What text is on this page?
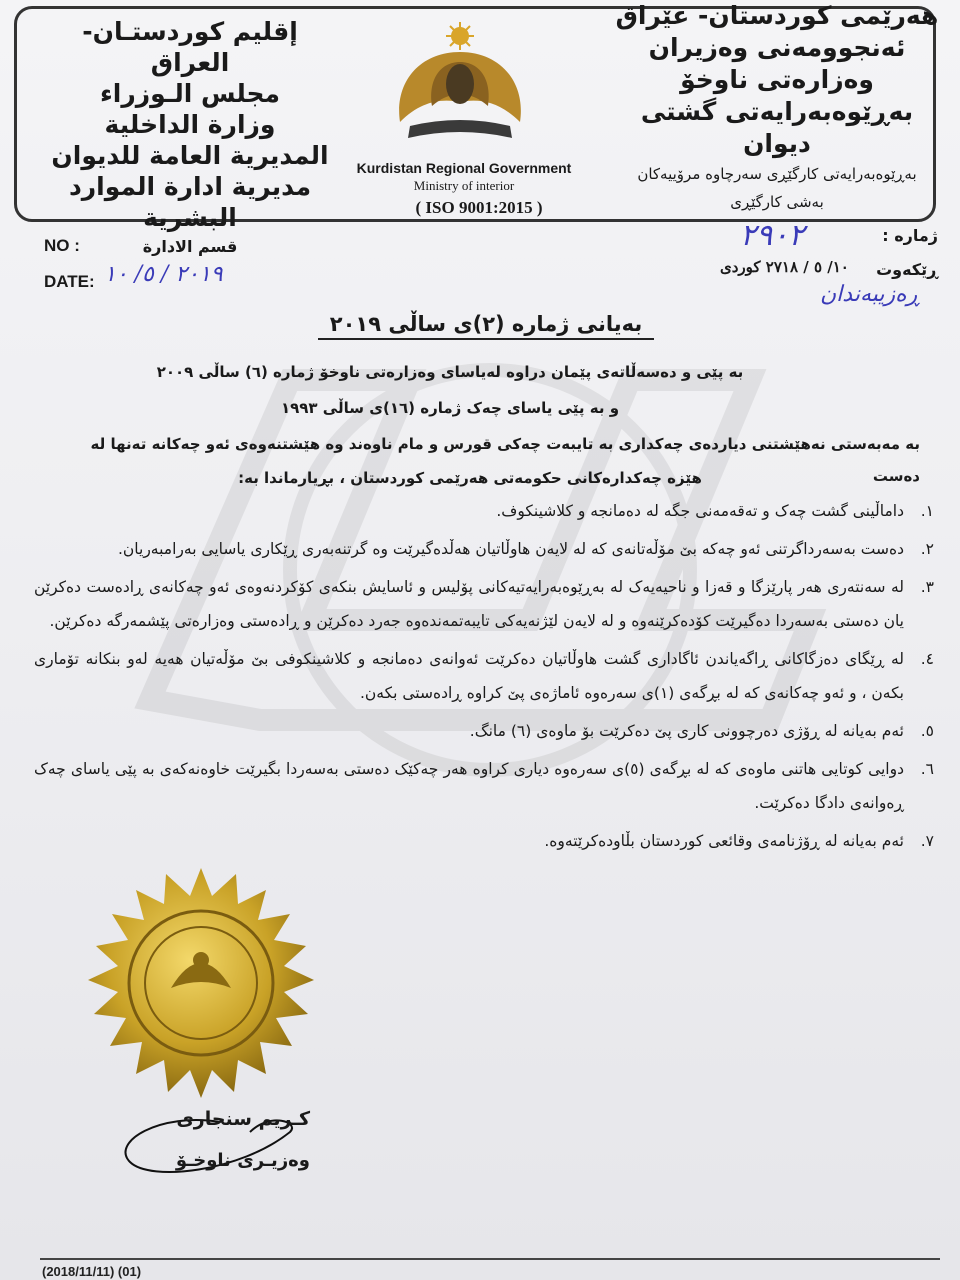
هەرێمی کوردستان- عێراق
ئەنجوومەنی وەزیران
وەزارەتی ناوخۆ
بەڕێوەبەرایەتی گشتی دیوان
بەڕێوەبەرایەتی کارگێڕی سەرچاوە مرۆییەکان
بەشی کارگێڕی
إقليم كوردستـان- العراق
مجلس الـوزراء
وزارة الداخلية
المديرية العامة للديوان
مديرية ادارة الموارد البشرية
قسم الادارة
Kurdistan Regional Government
Ministry of interior
( ISO 9001:2015 )
NO :
DATE: ٢٠١٩ / ٥/ ١٠
ژمارە :
٢٩٠٢
ڕێکەوت
١٠/ ٥ / ٢٧١٨ کوردی
ڕەزیبەندان
بەیانی ژمارە (٢)ی ساڵی ٢٠١٩
بە پێی و دەسەڵاتەی پێمان دراوە لەیاسای وەزارەتی ناوخۆ ژمارە (٦) ساڵی ٢٠٠٩
و بە پێی یاسای چەک ژمارە (١٦)ی ساڵی ١٩٩٣
بە مەبەستی نەهێشتنی دیاردەی چەکداری بە تایبەت چەکی قورس و مام ناوەند وە هێشتنەوەی ئەو چەکانە تەنها لە دەست
هێزە چەکدارەکانی حکومەتی هەرێمی کوردستان ، بڕیارماندا بە:
١.
داماڵینی گشت چەک و تەقەمەنی جگە لە دەمانجە و کلاشینکوف.
٢.
دەست بەسەرداگرتنی ئەو چەکە بێ مۆڵەتانەی کە لە لایەن هاوڵاتیان هەڵدەگیرێت وە گرتنەبەری ڕێکاری یاسایی بەرامبەریان.
٣.
لە سەنتەری هەر پارێزگا و قەزا و ناحیەیەک لە بەڕێوەبەرایەتیەکانی پۆلیس و ئاسایش بنکەی کۆکردنەوەی ئەو چەکانەی ڕادەست دەکرێن یان دەستی بەسەردا دەگیرێت کۆدەکرێنەوە و لە لایەن لێژنەیەکی تایبەتمەندەوە جەرد دەکرێن و ڕادەستی وەزارەتی پێشمەرگە دەکرێن.
٤.
لە ڕێگای دەزگاکانی ڕاگەیاندن ئاگاداری گشت هاوڵاتیان دەکرێت ئەوانەی دەمانجە و کلاشینکوفی بێ مۆڵەتیان هەیە لەو بنکانە تۆماری بکەن ، و ئەو چەکانەی کە لە بڕگەی (١)ی سەرەوە ئاماژەی پێ کراوە ڕادەستی بکەن.
٥.
ئەم بەیانە لە ڕۆژی دەرچوونی کاری پێ دەکرێت بۆ ماوەی (٦) مانگ.
٦.
دوایی کوتایی هاتنی ماوەی کە لە بڕگەی (٥)ی سەرەوە دیاری کراوە هەر چەکێک دەستی بەسەردا بگیرێت خاوەنەکەی بە پێی یاسای چەک ڕەوانەی دادگا دەکرێت.
٧.
ئەم بەیانە لە ڕۆژنامەی وقائعی کوردستان بڵاودەکرێتەوە.
کـریم سنجاری
وەزیـری ناوخـۆ
(2018/11/11) (01)
